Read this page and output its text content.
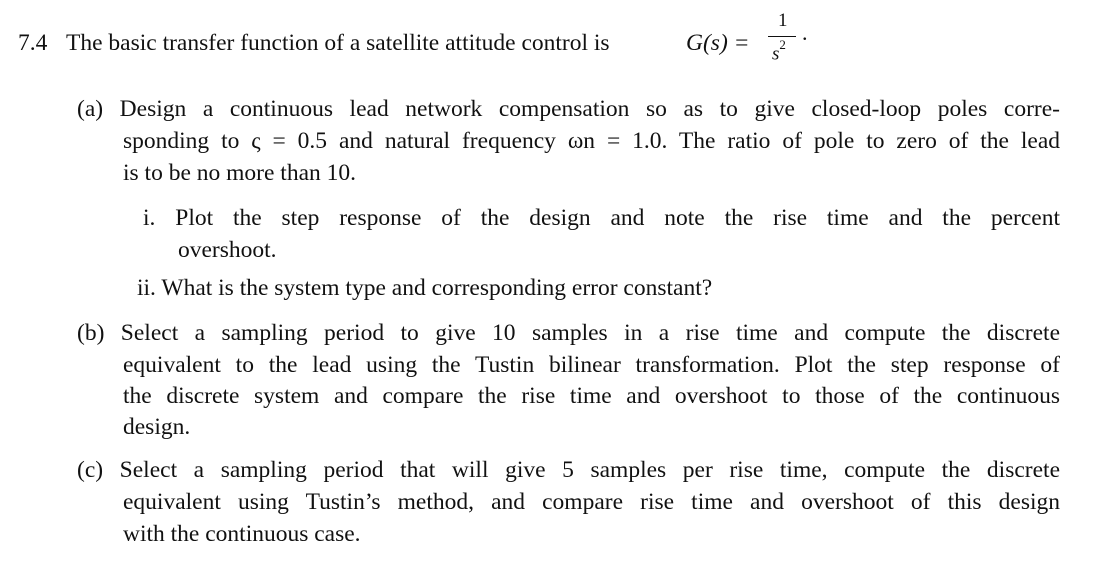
7.4 The basic transfer function of a satellite attitude control is	G(s) =
1
$s^2$ .
(a) Design a continuous lead network compensation so as to give closed-loop poles corre-
sponding to ς = 0.5 and natural frequency ωn = 1.0. The ratio of pole to zero of the lead
is to be no more than 10.
i. Plot the step response of the design and note the rise time and the percent
overshoot.
ii. What is the system type and corresponding error constant?
(b) Select a sampling period to give 10 samples in a rise time and compute the discrete
equivalent to the lead using the Tustin bilinear transformation. Plot the step response of
the discrete system and compare the rise time and overshoot to those of the continuous
design.
(c) Select a sampling period that will give 5 samples per rise time, compute the discrete
equivalent using Tustin’s method, and compare rise time and overshoot of this design
with the continuous case.
